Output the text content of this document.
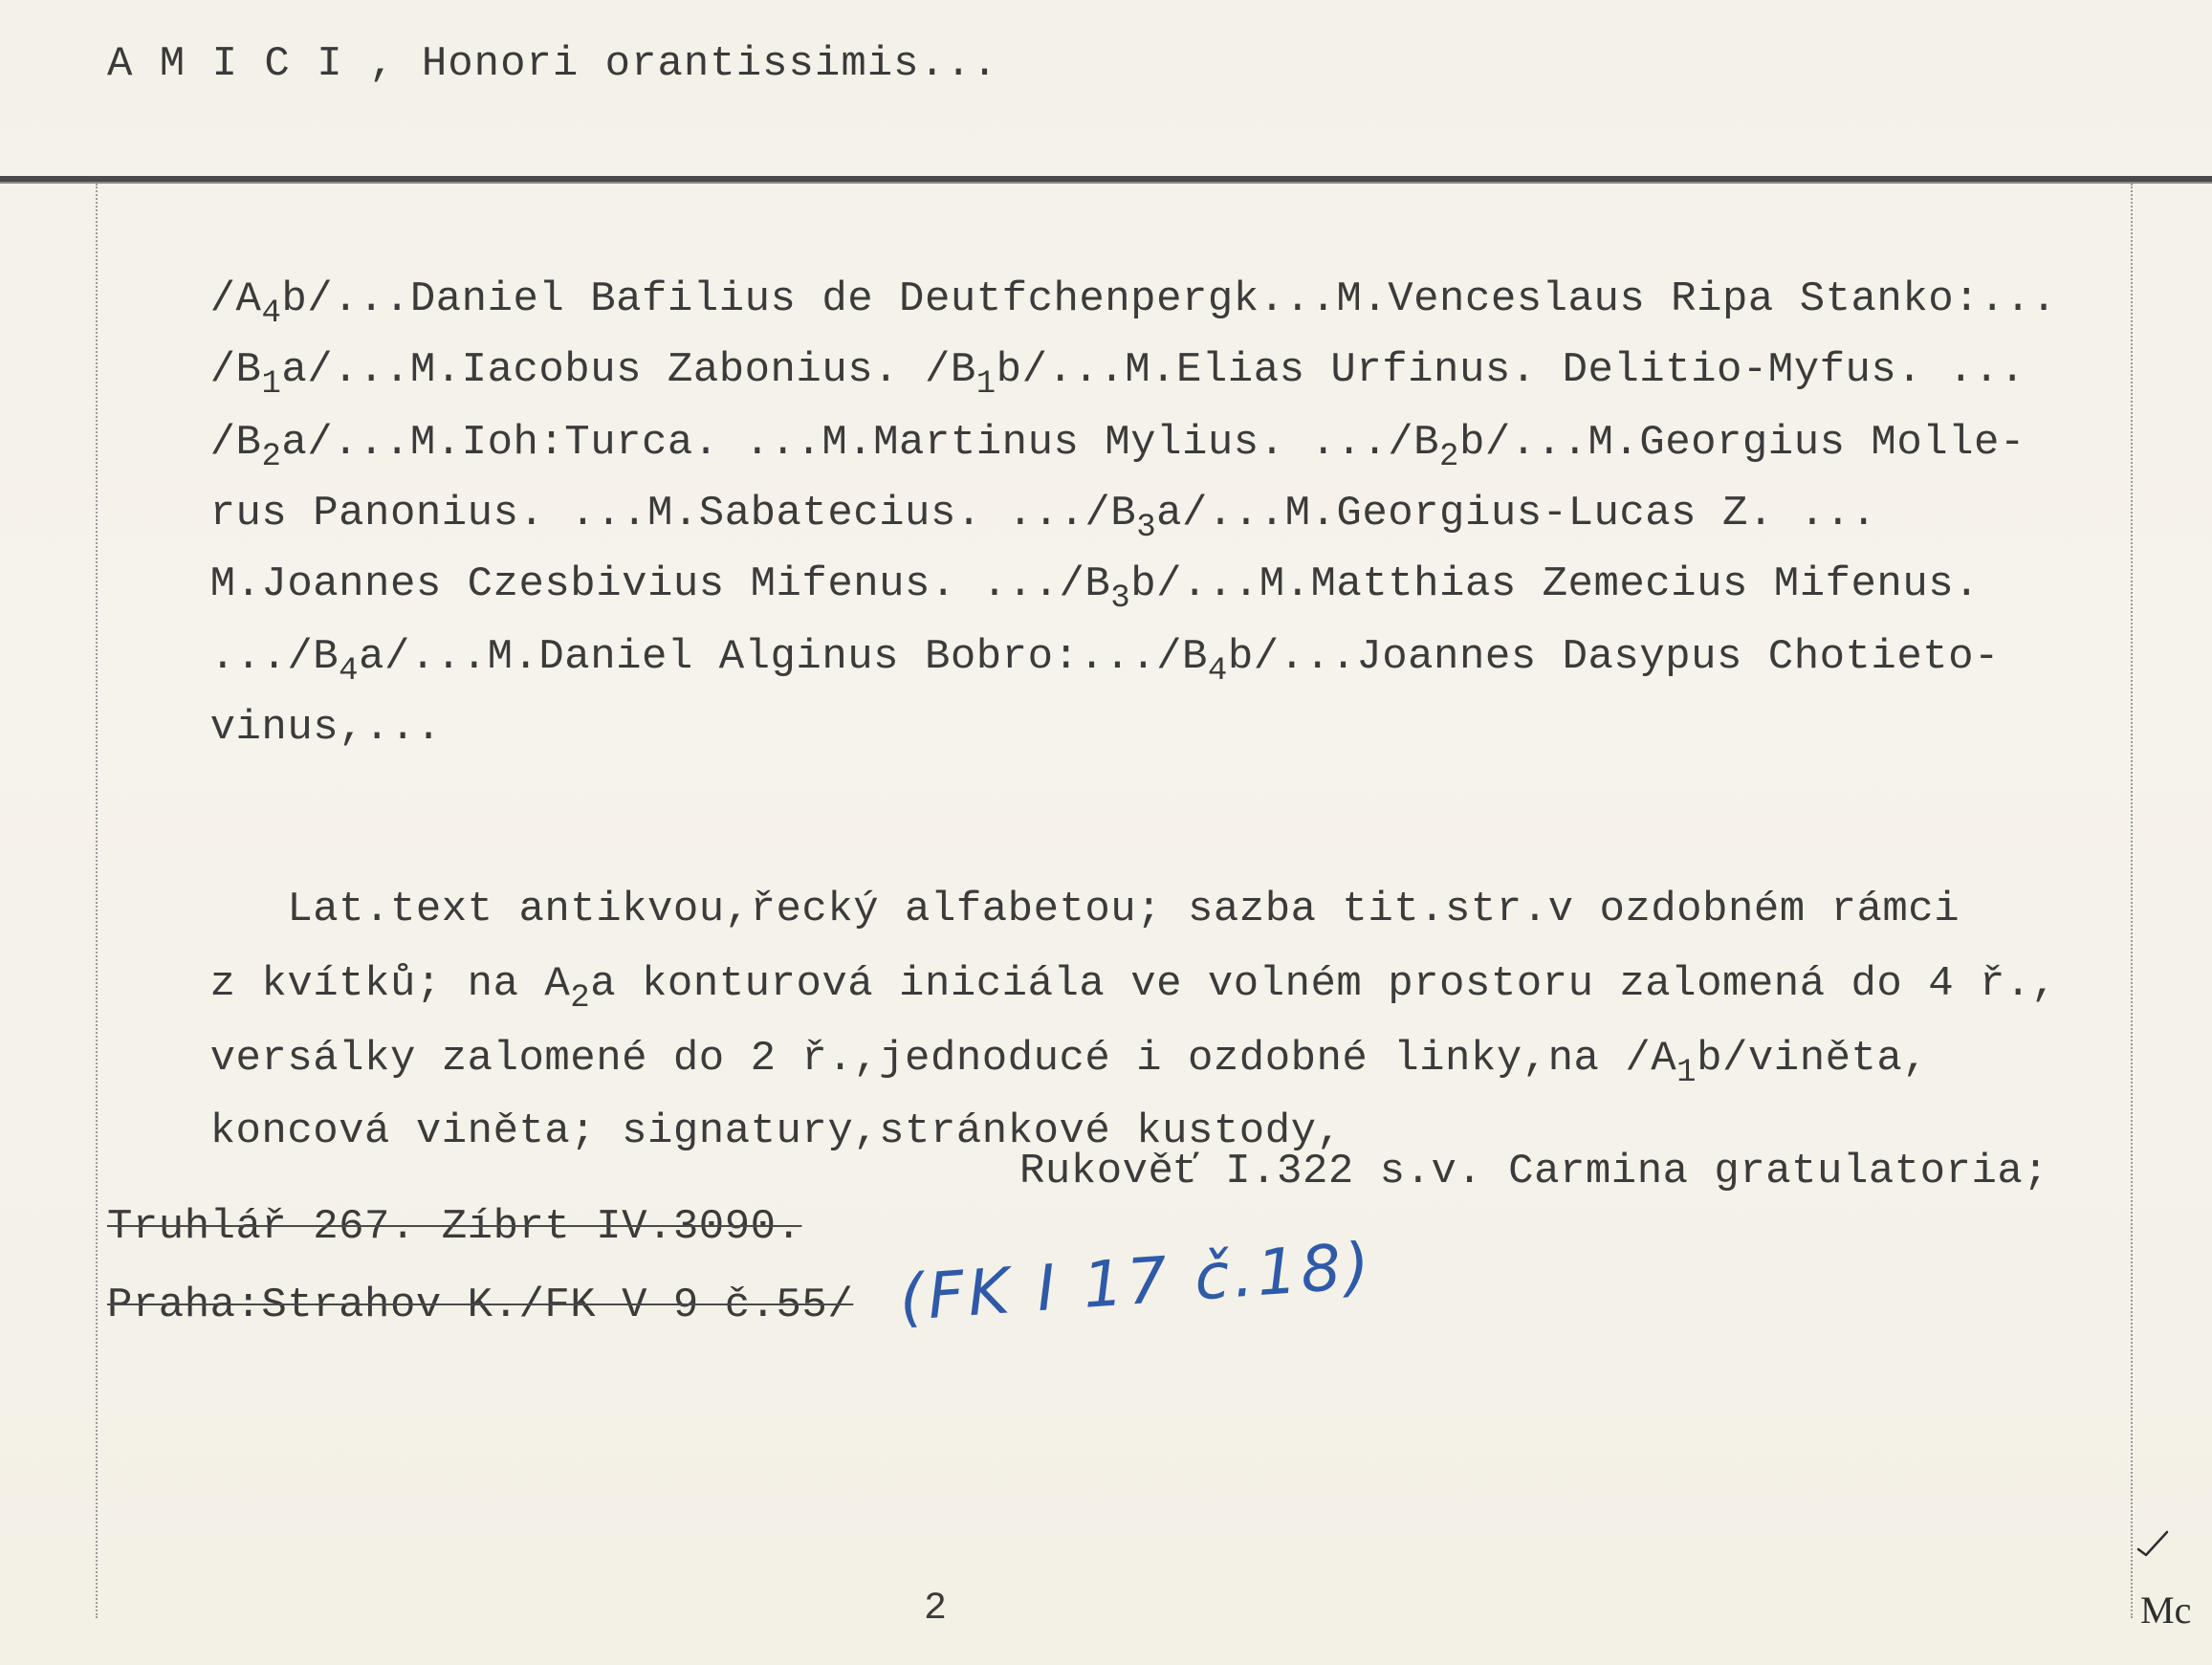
A M I C I , Honori orantissimis...

$/A_4b/...Daniel$ Bafilius de Deutfchenpergk...M.Venceslaus Ripa Stanko:...

$/B_1a/...M.Iacobus$ Zabonius. $/B_1b/...M.Elias$ Urfinus. Delitio-Myfus. ...

$/B_2a/...M.Ioh:Turca$. ...M.Martinus Mylius. $.../B_2b/...M.Georgius$ Molle-

rus Panonius. ...M.Sabatecius. $.../B_3a/...M.Georgius$-Lucas Z. ...

M.Joannes Czesbivius Mifenus. $.../B_3b/...M.Matthias$ Zemecius Mifenus.

$.../B_4a/...M.Daniel$ Alginus $Bobro:.../B_4b/...Joannes$ Dasypus Chotieto-

vinus,...

Lat.text antikvou,řecký alfabetou; sazba tit.str.v ozdobném rámci

z kvítků; na $A_2a$ konturová iniciála ve volném prostoru zalomená do 4 ř.,

versálky zalomené do 2 ř.,jednoducé i ozdobné linky,na $/A_1b$/viněta,

koncová viněta; signatury,stránkové kustody,

Rukověť I.322 s.v. Carmina gratulatoria;
Truhlář 267. Zíbrt IV.3090.
Praha:Strahov K./FK V 9 č.55/ (FK I 17 č.18)
2	Mc
